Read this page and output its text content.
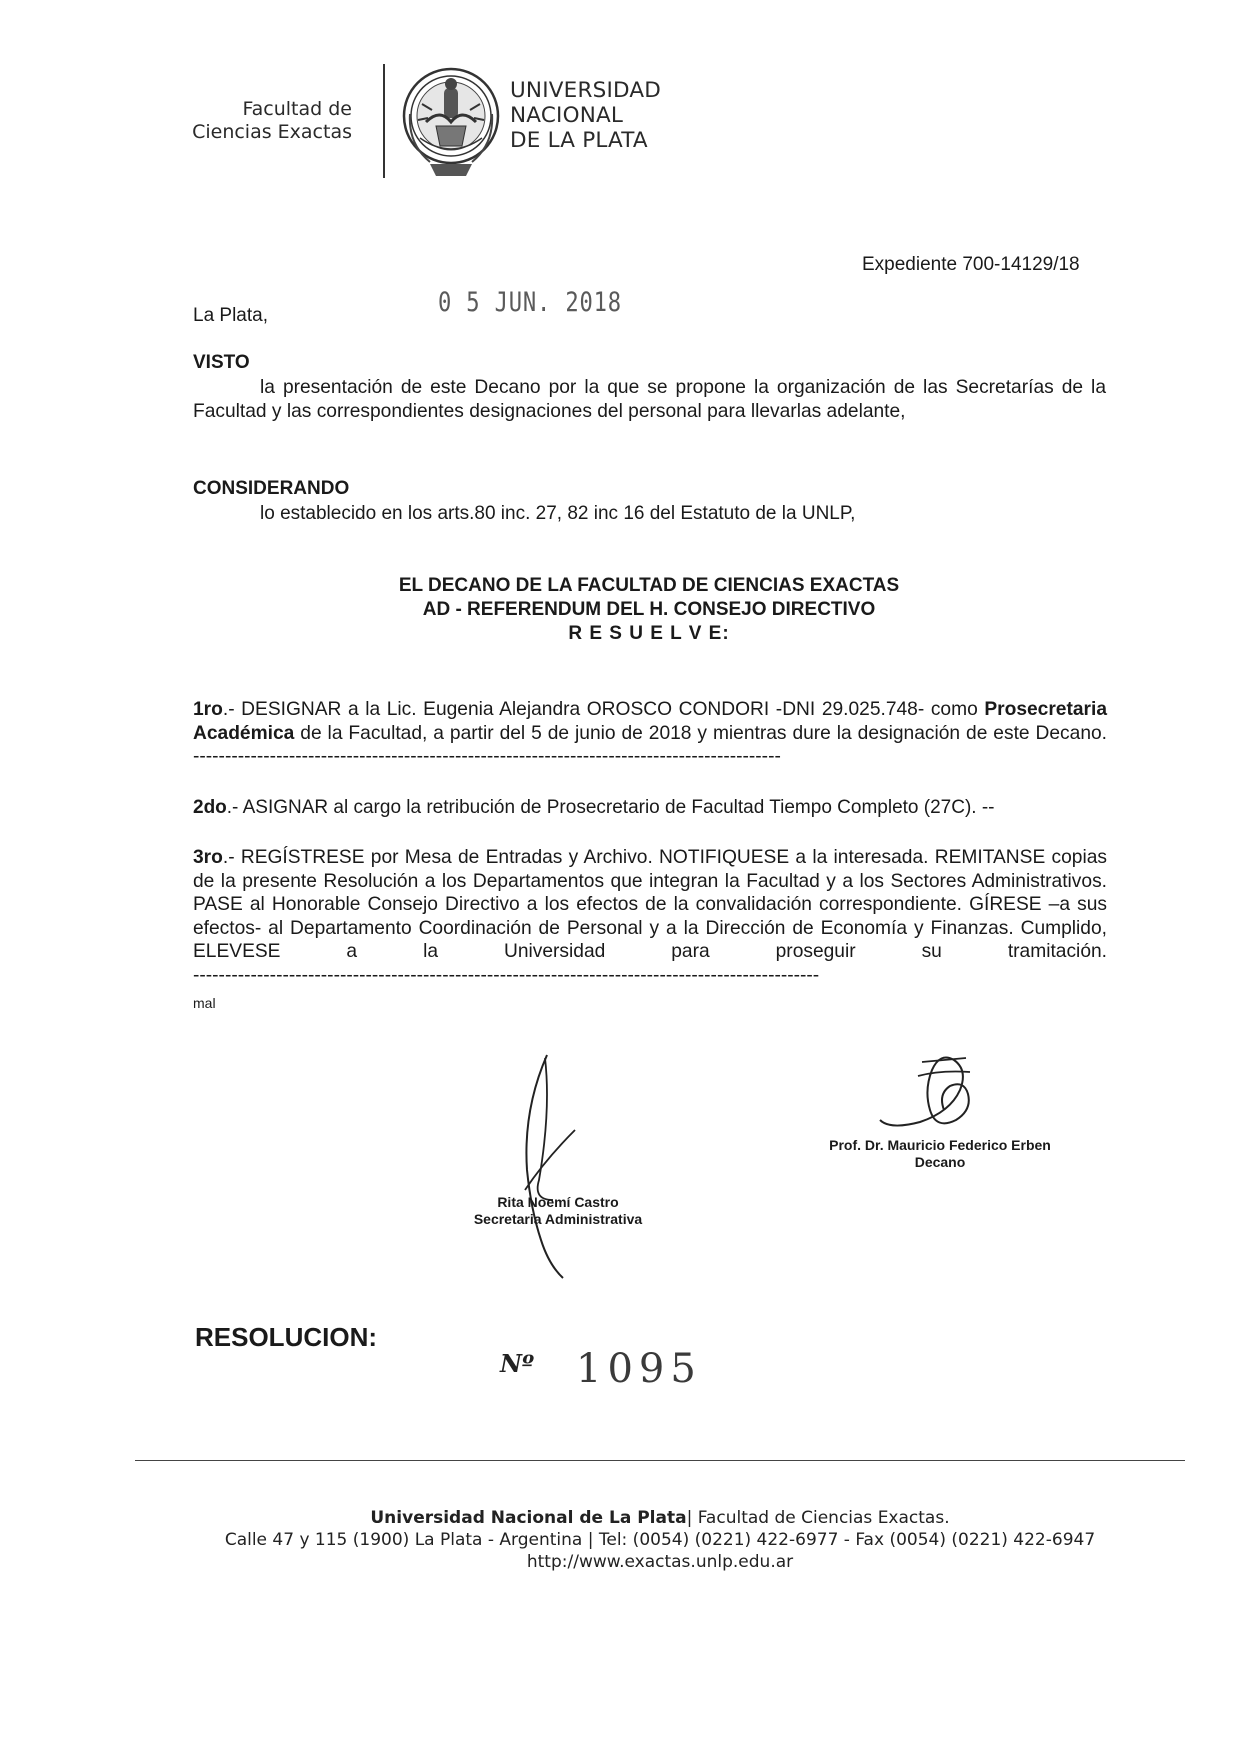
Facultad de
Ciencias Exactas
UNIVERSIDAD
NACIONAL
DE LA PLATA
Expediente 700-14129/18
La Plata,	0 5 JUN. 2018
VISTO
la presentación de este Decano por la que se propone la organización de las Secretarías de la Facultad y las correspondientes designaciones del personal para llevarlas adelante,
CONSIDERANDO
lo establecido en los arts.80 inc. 27, 82 inc 16 del Estatuto de la UNLP,
EL DECANO DE LA FACULTAD DE CIENCIAS EXACTAS
AD - REFERENDUM DEL H. CONSEJO DIRECTIVO
R E S U E L V E:
1ro.- DESIGNAR a la Lic. Eugenia Alejandra OROSCO CONDORI -DNI 29.025.748- como Prosecretaria Académica de la Facultad, a partir del 5 de junio de 2018 y mientras dure la designación de este Decano.--------------------------------------------------------------------------------------------
2do.- ASIGNAR al cargo la retribución de Prosecretario de Facultad Tiempo Completo (27C). --
3ro.- REGÍSTRESE por Mesa de Entradas y Archivo. NOTIFIQUESE a la interesada. REMITANSE copias de la presente Resolución a los Departamentos que integran la Facultad y a los Sectores Administrativos. PASE al Honorable Consejo Directivo a los efectos de la convalidación correspondiente. GÍRESE –a sus efectos- al Departamento Coordinación de Personal y a la Dirección de Economía y Finanzas. Cumplido, ELEVESE a la Universidad para proseguir su tramitación. --------------------------------------------------------------------------------------------------
mal
Prof. Dr. Mauricio Federico Erben
Decano
Rita Noemí Castro
Secretaria Administrativa
RESOLUCION:
Nº 1095
Universidad Nacional de La Plata| Facultad de Ciencias Exactas.
Calle 47 y 115 (1900) La Plata - Argentina | Tel: (0054) (0221) 422-6977 - Fax (0054) (0221) 422-6947
http://www.exactas.unlp.edu.ar
